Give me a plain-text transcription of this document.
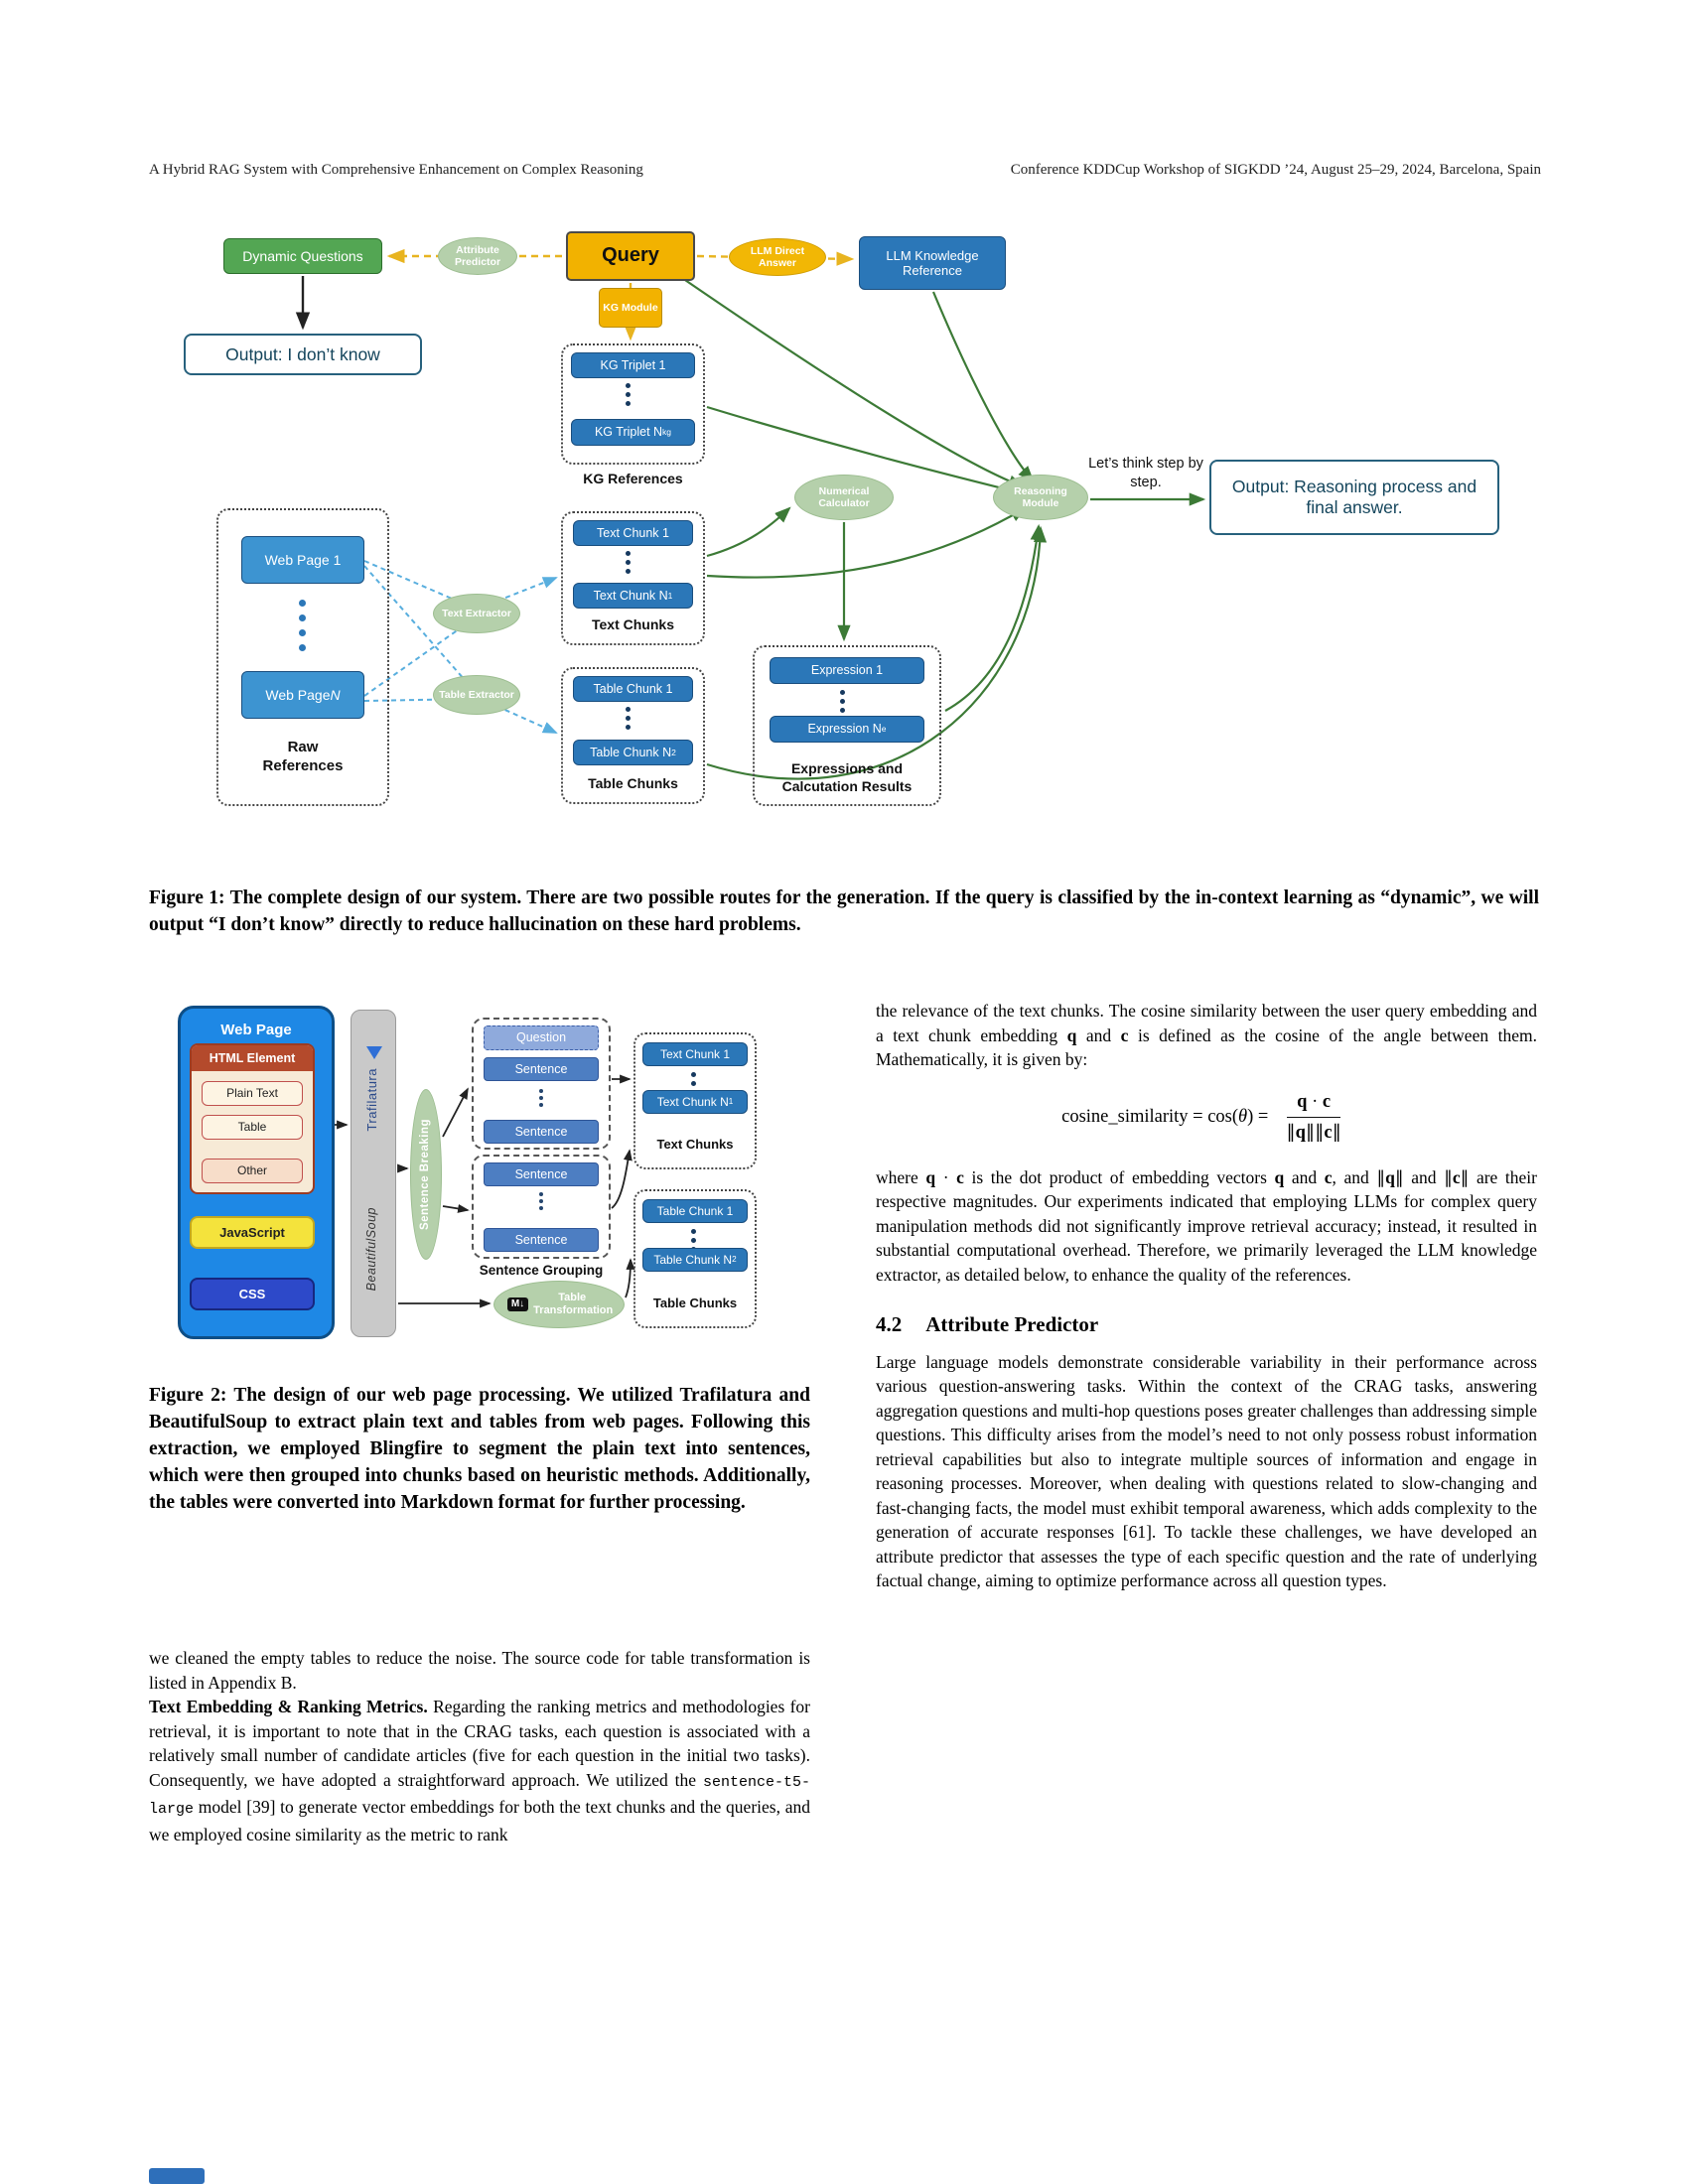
A Hybrid RAG System with Comprehensive Enhancement on Complex Reasoning	Conference KDDCup Workshop of SIGKDD ’24, August 25–29, 2024, Barcelona, Spain
Dynamic Questions	Attribute Predictor	Query	LLM Direct Answer
LLM Knowledge Reference
Output: I don’t know
KG Module
KG Triplet 1
KG Triplet N kg
KG References
Text Chunk 1
Text Chunk N 1
Text Chunks
Table Chunk 1
Table Chunk N 2
Table Chunks
Web Page 1
Web Page N
Raw References
Text Extractor
Table Extractor
Numerical Calculator
Expression 1
Expression N e
Expressions and Calcutation Results
Reasoning Module
Let’s think step by step.	Output: Reasoning process and final answer.
Figure 1: The complete design of our system. There are two possible routes for the generation. If the query is classified by the in-context learning as “dynamic”, we will output “I don’t know” directly to reduce hallucination on these hard problems.
Web Page
HTML Element
Plain Text
Table
Other
JavaScript
CSS
Trafilatura
BeautifulSoup
Sentence Breaking
Question
Sentence
Sentence
Sentence
Sentence
Sentence Grouping
M↓
Table Transformation
Text Chunk 1
Text Chunk N 1
Text Chunks
Table Chunk 1
Table Chunk N 2
Table Chunks
Figure 2: The design of our web page processing. We utilized Trafilatura and BeautifulSoup to extract plain text and tables from web pages. Following this extraction, we employed Blingfire to segment the plain text into sentences, which were then grouped into chunks based on heuristic methods. Additionally, the tables were converted into Markdown format for further processing.

we cleaned the empty tables to reduce the noise. The source code for table transformation is listed in Appendix B.

Text Embedding & Ranking Metrics. Regarding the ranking metrics and methodologies for retrieval, it is important to note that in the CRAG tasks, each question is associated with a relatively small number of candidate articles (five for each question in the initial two tasks). Consequently, we have adopted a straightforward approach. We utilized the sentence-t5-large model [39] to generate vector embeddings for both the text chunks and the queries, and we employed cosine similarity as the metric to rank

the relevance of the text chunks. The cosine similarity between the user query embedding and a text chunk embedding q and c is defined as the cosine of the angle between them. Mathematically, it is given by:

cosine_similarity = $\cos(\theta) = \frac{q \cdot c}{\parallel q\parallel\parallel c\parallel}$

where q · c is the dot product of embedding vectors q and c, and ∥q∥ and ∥c∥ are their respective magnitudes. Our experiments indicated that employing LLMs for complex query manipulation methods did not significantly improve retrieval accuracy; instead, it resulted in substantial computational overhead. Therefore, we primarily leveraged the LLM knowledge extractor, as detailed below, to enhance the quality of the references.

4.2 Attribute Predictor

Large language models demonstrate considerable variability in their performance across various question-answering tasks. Within the context of the CRAG tasks, answering aggregation questions and multi-hop questions poses greater challenges than addressing simple questions. This difficulty arises from the model’s need to not only possess robust information retrieval capabilities but also to integrate multiple sources of information and engage in reasoning processes. Moreover, when dealing with questions related to slow-changing and fast-changing facts, the model must exhibit temporal awareness, which adds complexity to the generation of accurate responses [61]. To tackle these challenges, we have developed an attribute predictor that assesses the type of each specific question and the rate of underlying factual change, aiming to optimize performance across all question types.
